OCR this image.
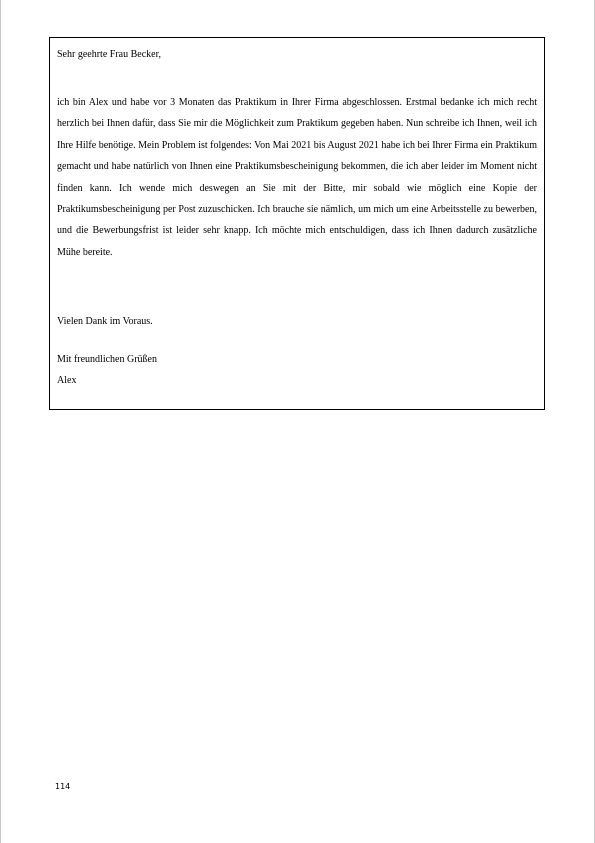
Sehr geehrte Frau Becker,

ich bin Alex und habe vor 3 Monaten das Praktikum in Ihrer Firma abgeschlossen. Erstmal bedanke ich mich recht herzlich bei Ihnen dafür, dass Sie mir die Möglichkeit zum Praktikum gegeben haben. Nun schreibe ich Ihnen, weil ich Ihre Hilfe benötige. Mein Problem ist folgendes: Von Mai 2021 bis August 2021 habe ich bei Ihrer Firma ein Praktikum gemacht und habe natürlich von Ihnen eine Praktikumsbescheinigung bekommen, die ich aber leider im Moment nicht finden kann. Ich wende mich deswegen an Sie mit der Bitte, mir sobald wie möglich eine Kopie der Praktikumsbescheinigung per Post zuzuschicken. Ich brauche sie nämlich, um mich um eine Arbeitsstelle zu bewerben, und die Bewerbungsfrist ist leider sehr knapp. Ich möchte mich entschuldigen, dass ich Ihnen dadurch zusätzliche Mühe bereite.

Vielen Dank im Voraus.

Mit freundlichen Grüßen

Alex

114
